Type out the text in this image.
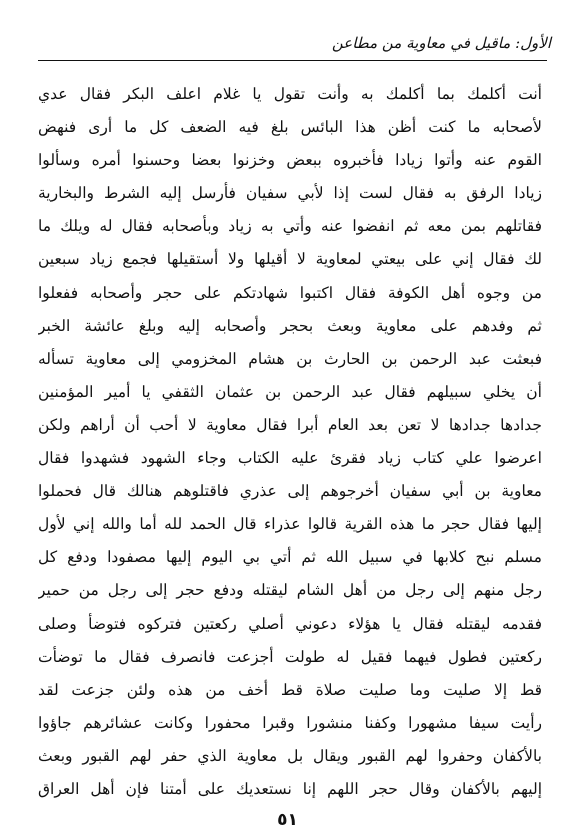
الأول: ماقيل في معاوية من مطاعن
أنت أكلمك بما أكلمك به وأنت تقول يا غلام اعلف البكر فقال عدي
لأصحابه ما كنت أظن هذا البائس بلغ فيه الضعف كل ما أرى فنهض
القوم عنه وأتوا زيادا فأخبروه ببعض وخزنوا بعضا وحسنوا أمره وسألوا
زيادا الرفق به فقال لست إذا لأبي سفيان فأرسل إليه الشرط والبخارية
فقاتلهم بمن معه ثم انفضوا عنه وأتي به زياد وبأصحابه فقال له ويلك ما
لك فقال إني على بيعتي لمعاوية لا أقيلها ولا أستقيلها فجمع زياد سبعين
من وجوه أهل الكوفة فقال اكتبوا شهادتكم على حجر وأصحابه ففعلوا
ثم وفدهم على معاوية وبعث بحجر وأصحابه إليه وبلغ عائشة الخبر
فبعثت عبد الرحمن بن الحارث بن هشام المخزومي إلى معاوية تسأله
أن يخلي سبيلهم فقال عبد الرحمن بن عثمان الثقفي يا أمير المؤمنين
جدادها جدادها لا تعن بعد العام أبرا فقال معاوية لا أحب أن أراهم ولكن
اعرضوا علي كتاب زياد فقرئ عليه الكتاب وجاء الشهود فشهدوا فقال
معاوية بن أبي سفيان أخرجوهم إلى عذري فاقتلوهم هنالك قال فحملوا
إليها فقال حجر ما هذه القرية قالوا عذراء قال الحمد لله أما والله إني لأول
مسلم نبح كلابها في سبيل الله ثم أتي بي اليوم إليها مصفودا ودفع كل
رجل منهم إلى رجل من أهل الشام ليقتله ودفع حجر إلى رجل من حمير
فقدمه ليقتله فقال يا هؤلاء دعوني أصلي ركعتين فتركوه فتوضأ وصلى
ركعتين فطول فيهما فقيل له طولت أجزعت فانصرف فقال ما توضأت
قط إلا صليت وما صليت صلاة قط أخف من هذه ولئن جزعت لقد
رأيت سيفا مشهورا وكفنا منشورا وقبرا محفورا وكانت عشائرهم جاؤوا
بالأكفان وحفروا لهم القبور ويقال بل معاوية الذي حفر لهم القبور وبعث
إليهم بالأكفان وقال حجر اللهم إنا نستعديك على أمتنا فإن أهل العراق
٥١
